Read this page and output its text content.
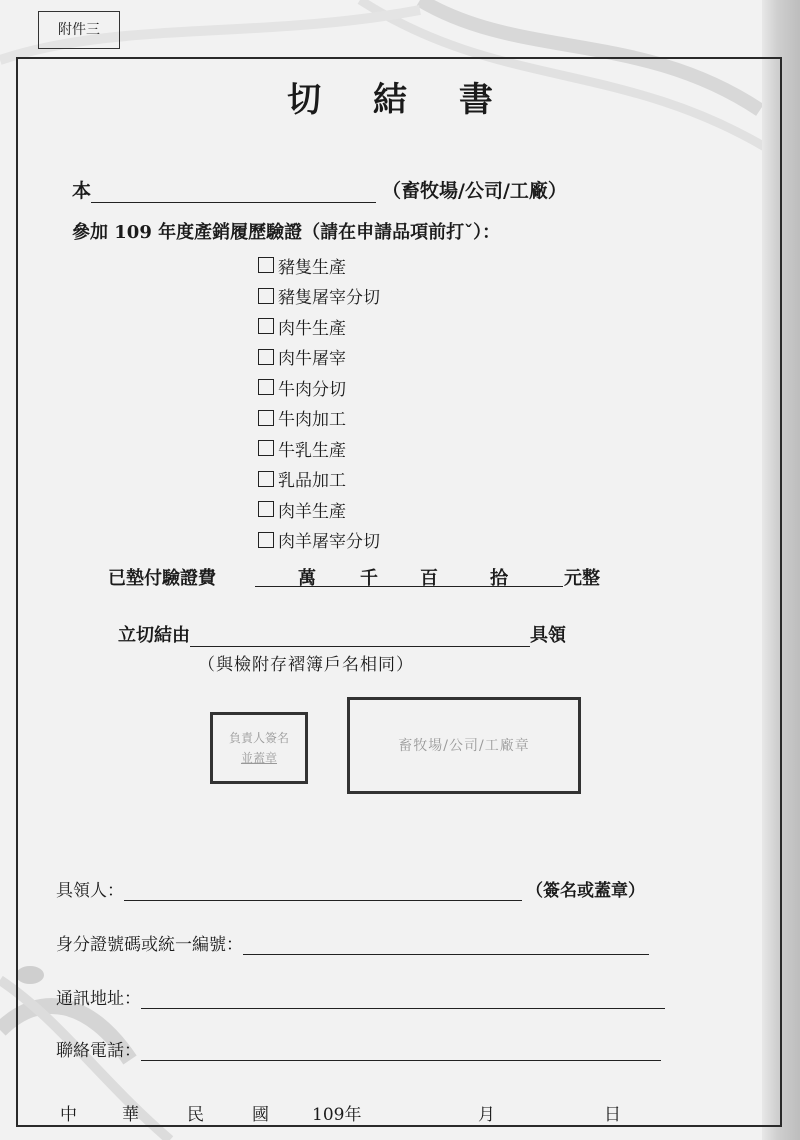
附件三
切 結 書
本	（畜牧場/公司/工廠）
參加 109 年度產銷履歷驗證（請在申請品項前打ˇ）：
豬隻生產
豬隻屠宰分切
肉牛生產
肉牛屠宰
牛肉分切
牛肉加工
牛乳生產
乳品加工
肉羊生產
肉羊屠宰分切
已墊付驗證費	萬 千 百	拾	元整
立切結由	具領
（與檢附存褶簿戶名相同）
負責人簽名
並蓋章
畜牧場/公司/工廠章
具領人：	（簽名或蓋章）
身分證號碼或統一編號：
通訊地址：
聯絡電話：
中	華	民	國	109年	月	日
